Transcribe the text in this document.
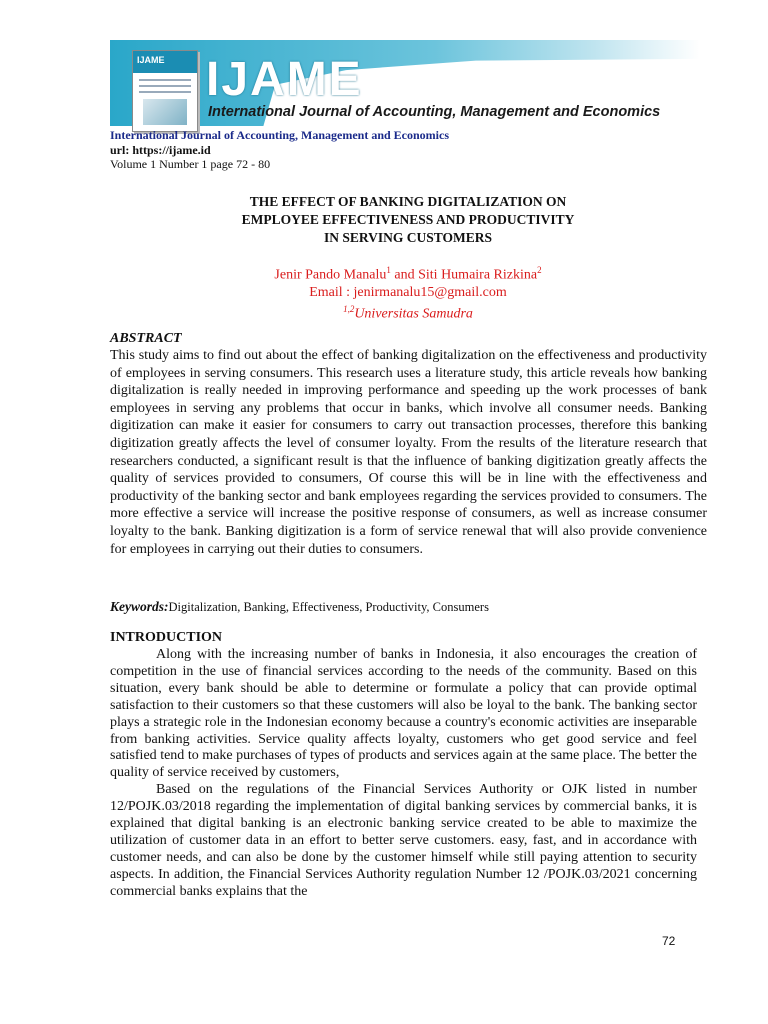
IJAME IJAME
International Journal of Accounting, Management and Economics
International Journal of Accounting, Management and Economics
url: https://ijame.id
Volume 1 Number 1 page 72 - 80
THE EFFECT OF BANKING DIGITALIZATION ON
EMPLOYEE EFFECTIVENESS AND PRODUCTIVITY
IN SERVING CUSTOMERS
Jenir Pando Manalu$^1$ and Siti Humaira Rizkina$^2$
Email : jenirmanalu15@gmail.com
$^{1,2}$Universitas Samudra
ABSTRACT

This study aims to find out about the effect of banking digitalization on the effectiveness and productivity of employees in serving consumers. This research uses a literature study, this article reveals how banking digitalization is really needed in improving performance and speeding up the work processes of bank employees in serving any problems that occur in banks, which involve all consumer needs. Banking digitization can make it easier for consumers to carry out transaction processes, therefore this banking digitization greatly affects the level of consumer loyalty. From the results of the literature research that researchers conducted, a significant result is that the influence of banking digitization greatly affects the quality of services provided to consumers, Of course this will be in line with the effectiveness and productivity of the banking sector and bank employees regarding the services provided to consumers. The more effective a service will increase the positive response of consumers, as well as increase consumer loyalty to the bank. Banking digitization is a form of service renewal that will also provide convenience for employees in carrying out their duties to consumers.

Keywords:Digitalization, Banking, Effectiveness, Productivity, Consumers
INTRODUCTION

Along with the increasing number of banks in Indonesia, it also encourages the creation of competition in the use of financial services according to the needs of the community. Based on this situation, every bank should be able to determine or formulate a policy that can provide optimal satisfaction to their customers so that these customers will also be loyal to the bank. The banking sector plays a strategic role in the Indonesian economy because a country's economic activities are inseparable from banking activities. Service quality affects loyalty, customers who get good service and feel satisfied tend to make purchases of types of products and services again at the same place. The better the quality of service received by customers,

Based on the regulations of the Financial Services Authority or OJK listed in number 12/POJK.03/2018 regarding the implementation of digital banking services by commercial banks, it is explained that digital banking is an electronic banking service created to be able to maximize the utilization of customer data in an effort to better serve customers. easy, fast, and in accordance with customer needs, and can also be done by the customer himself while still paying attention to security aspects. In addition, the Financial Services Authority regulation Number 12 /POJK.03/2021 concerning commercial banks explains that the

72
